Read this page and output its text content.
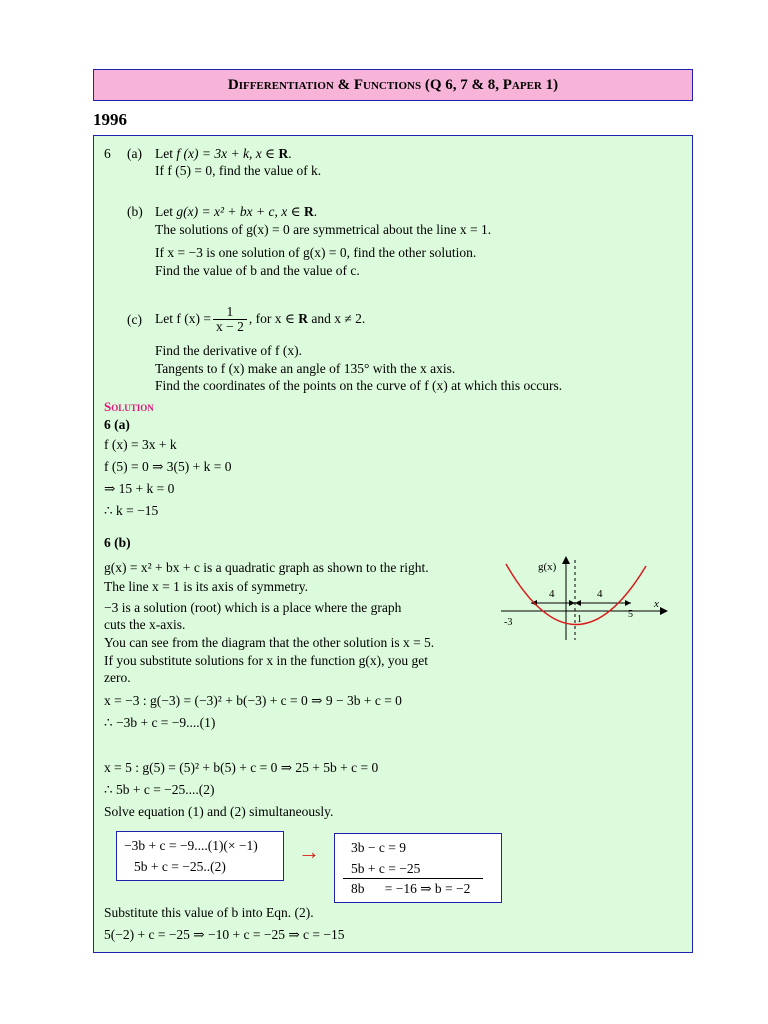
Differentiation & Functions (Q 6, 7 & 8, Paper 1)
1996
6 (a) Let f (x) = 3x + k, x ∈ R.
If f (5) = 0, find the value of k.
(b) Let g(x) = x² + bx + c, x ∈ R.
The solutions of g(x) = 0 are symmetrical about the line x = 1.
If x = −3 is one solution of g(x) = 0, find the other solution.
Find the value of b and the value of c.
(c) Let f $(x) = \frac{1}{x - 2}$ , for x ∈ R and x ≠ 2.
Find the derivative of f (x).
Tangents to f (x) make an angle of 135° with the x axis.
Find the coordinates of the points on the curve of f (x) at which this occurs.
Solution
6 (a)
f (x) = 3x + k
f (5) = 0 ⇒ 3(5) + k = 0
⇒ 15 + k = 0
∴ k = −15
6 (b)
g(x) = x² + bx + c is a quadratic graph as shown to the right.
The line x = 1 is its axis of symmetry.
−3 is a solution (root) which is a place where the graph
cuts the x-axis.
You can see from the diagram that the other solution is x = 5.
If you substitute solutions for x in the function g(x), you get
zero.
g(x)
x
4	4
-3	1	5
x = −3 : g(−3) = (−3)² + b(−3) + c = 0 ⇒ 9 − 3b + c = 0
∴ −3b + c = −9....(1)
x = 5 : g(5) = (5)² + b(5) + c = 0 ⇒ 25 + 5b + c = 0
∴ 5b + c = −25....(2)
Solve equation (1) and (2) simultaneously.
−3b + c = −9....(1)(× −1)
5b + c = −25..(2)
→ 3b − c = 9
5b + c = −25
8b      = −16 ⇒ b = −2
Substitute this value of b into Eqn. (2).
5(−2) + c = −25 ⇒ −10 + c = −25 ⇒ c = −15
